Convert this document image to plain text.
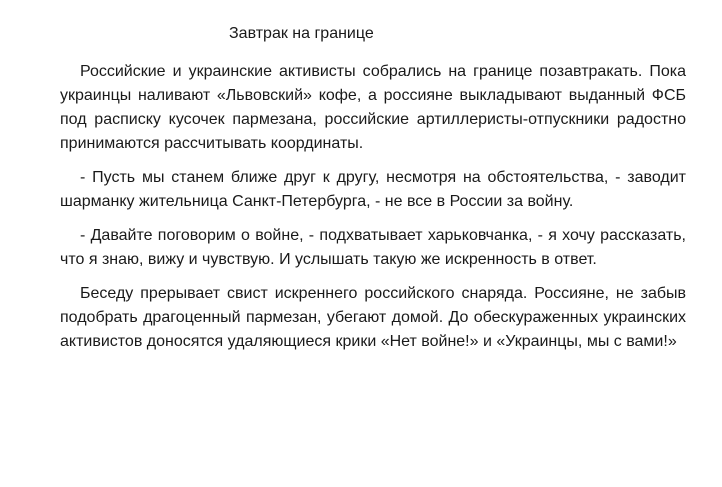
Завтрак на границе

Российские и украинские активисты собрались на границе позавтракать. Пока украинцы наливают «Львовский» кофе, а россияне выкладывают выданный ФСБ под расписку кусочек пармезана, российские артиллеристы-отпускники радостно принимаются рассчитывать координаты.

- Пусть мы станем ближе друг к другу, несмотря на обстоятельства, - заводит шарманку жительница Санкт-Петербурга, - не все в России за войну.

- Давайте поговорим о войне, - подхватывает харьковчанка, - я хочу рассказать, что я знаю, вижу и чувствую. И услышать такую же искренность в ответ.

Беседу прерывает свист искреннего российского снаряда. Россияне, не забыв подобрать драгоценный пармезан, убегают домой. До обескураженных украинских активистов доносятся удаляющиеся крики «Нет войне!» и «Украинцы, мы с вами!»
